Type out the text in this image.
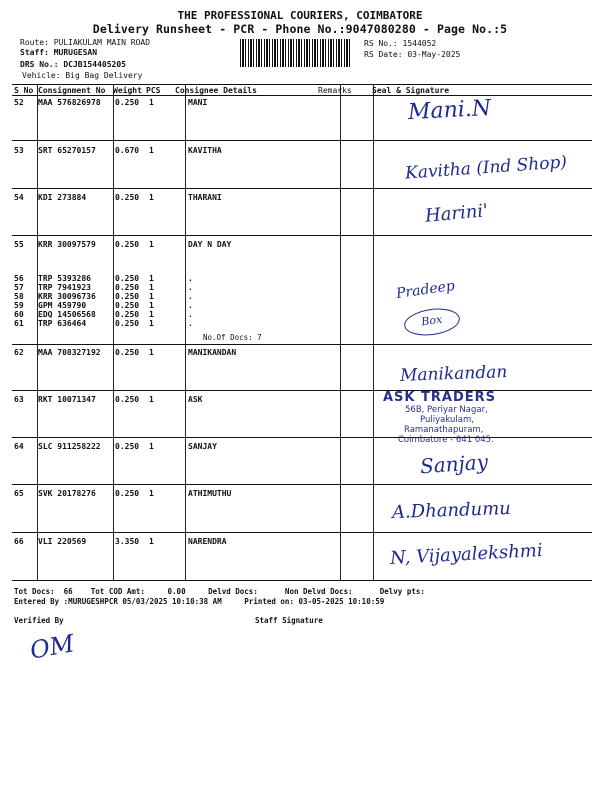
THE PROFESSIONAL COURIERS, COIMBATORE
Delivery Runsheet - PCR - Phone No.:9047080280 - Page No.:5
Route: PULIAKULAM MAIN ROAD
Staff: MURUGESAN
DRS No.: DCJB154405205
Vehicle: Big Bag Delivery
RS No.: 1544052
RS Date: 03-May-2025
S No Consignment No Weight PCS Consignee Details	Remarks	Seal & Signature
52 MAA 576826978 0.250 1	MANI
53 SRT 65270157 0.670 1	KAVITHA
54 KDI 273884	0.250 1	THARANI
55 KRR 30097579 0.250 1	DAY N DAY
56 TRP 5393286	0.250 1	.
57 TRP 7941923	0.250 1	.
58 KRR 30096736 0.250 1	.
59 GPM 459790	0.250 1	.
60 EDQ 14506568 0.250 1	.
61 TRP 636464	0.250 1	.
No.Of Docs: 7
62 MAA 708327192 0.250 1	MANIKANDAN
63 RKT 10071347 0.250 1	ASK
64 SLC 911258222 0.250 1	SANJAY
65 SVK 20178276 0.250 1	ATHIMUTHU
66 VLI 220569	3.350 1	NARENDRA
Mani.N
Kavitha (Ind Shop)
Harini'
Pradeep
Box
Manikandan
Sanjay
A.Dhandumu
N, Vijayalekshmi
ASK TRADERS
56B, Periyar Nagar,
Puliyakulam,
Ramanathapuram,
Coimbatore - 641 045.
Tot Docs:  66    Tot COD Amt:     0.00     Delvd Docs:      Non Delvd Docs:      Delvy pts:
Entered By :MURUGESHPCR 05/03/2025 10:10:38 AM     Printed on: 03-05-2025 10:10:59
Verified By	Staff Signature
OM
